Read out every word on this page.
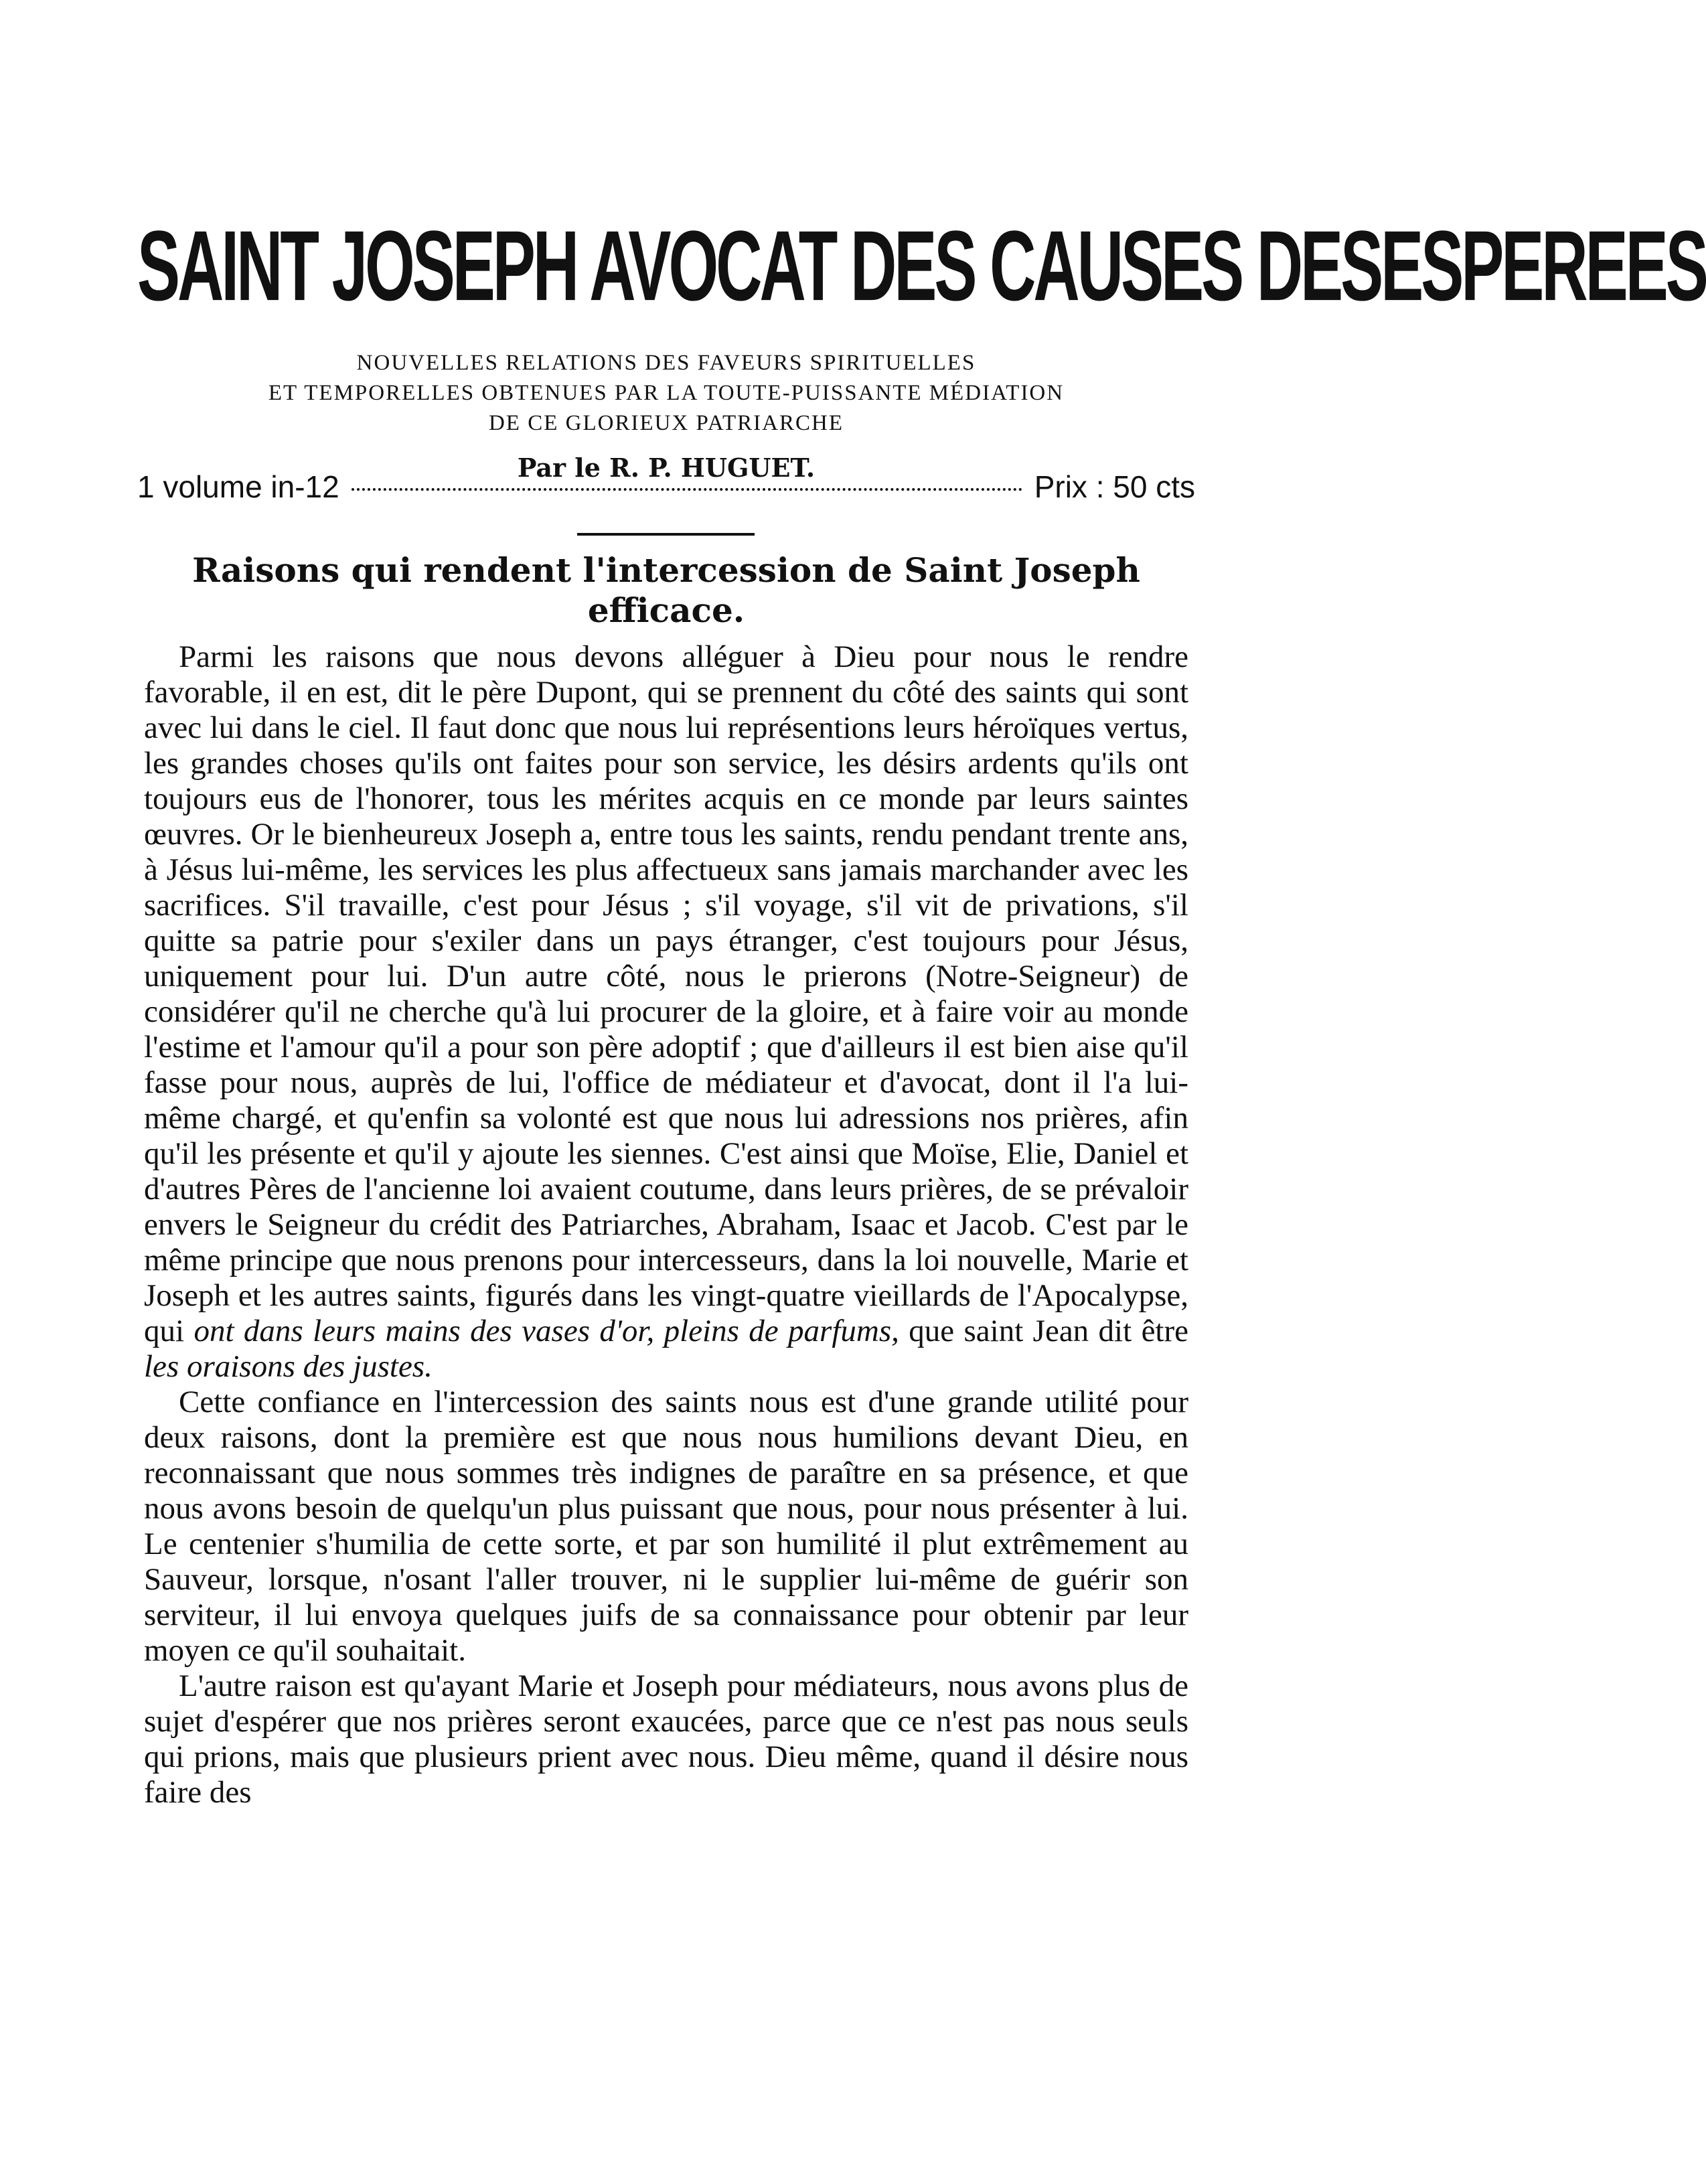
SAINT JOSEPH AVOCAT DES CAUSES DESESPEREES
NOUVELLES RELATIONS DES FAVEURS SPIRITUELLES
ET TEMPORELLES OBTENUES PAR LA TOUTE-PUISSANTE MÉDIATION
DE CE GLORIEUX PATRIARCHE
Par le R. P. HUGUET.
1 volume in-12	Prix : 50 cts
Raisons qui rendent l'intercession de Saint Joseph
efficace.

Parmi les raisons que nous devons alléguer à Dieu pour nous le rendre favorable, il en est, dit le père Dupont, qui se prennent du côté des saints qui sont avec lui dans le ciel. Il faut donc que nous lui représentions leurs héroïques vertus, les grandes choses qu'ils ont faites pour son service, les désirs ardents qu'ils ont toujours eus de l'honorer, tous les mérites acquis en ce monde par leurs saintes œuvres. Or le bienheureux Joseph a, entre tous les saints, rendu pendant trente ans, à Jésus lui-même, les services les plus affectueux sans jamais marchander avec les sacrifices. S'il travaille, c'est pour Jésus ; s'il voyage, s'il vit de privations, s'il quitte sa patrie pour s'exiler dans un pays étranger, c'est toujours pour Jésus, uniquement pour lui. D'un autre côté, nous le prierons (Notre-Seigneur) de considérer qu'il ne cherche qu'à lui procurer de la gloire, et à faire voir au monde l'estime et l'amour qu'il a pour son père adoptif ; que d'ailleurs il est bien aise qu'il fasse pour nous, auprès de lui, l'office de médiateur et d'avocat, dont il l'a lui-même chargé, et qu'enfin sa volonté est que nous lui adressions nos prières, afin qu'il les présente et qu'il y ajoute les siennes. C'est ainsi que Moïse, Elie, Daniel et d'autres Pères de l'ancienne loi avaient coutume, dans leurs prières, de se prévaloir envers le Seigneur du crédit des Patriarches, Abraham, Isaac et Jacob. C'est par le même principe que nous prenons pour intercesseurs, dans la loi nouvelle, Marie et Joseph et les autres saints, figurés dans les vingt-quatre vieillards de l'Apocalypse, qui ont dans leurs mains des vases d'or, pleins de parfums, que saint Jean dit être les oraisons des justes.

Cette confiance en l'intercession des saints nous est d'une grande utilité pour deux raisons, dont la première est que nous nous humilions devant Dieu, en reconnaissant que nous sommes très indignes de paraître en sa présence, et que nous avons besoin de quelqu'un plus puissant que nous, pour nous présenter à lui. Le centenier s'humilia de cette sorte, et par son humilité il plut extrêmement au Sauveur, lorsque, n'osant l'aller trouver, ni le supplier lui-même de guérir son serviteur, il lui envoya quelques juifs de sa connaissance pour obtenir par leur moyen ce qu'il souhaitait.

L'autre raison est qu'ayant Marie et Joseph pour médiateurs, nous avons plus de sujet d'espérer que nos prières seront exaucées, parce que ce n'est pas nous seuls qui prions, mais que plusieurs prient avec nous. Dieu même, quand il désire nous faire des
